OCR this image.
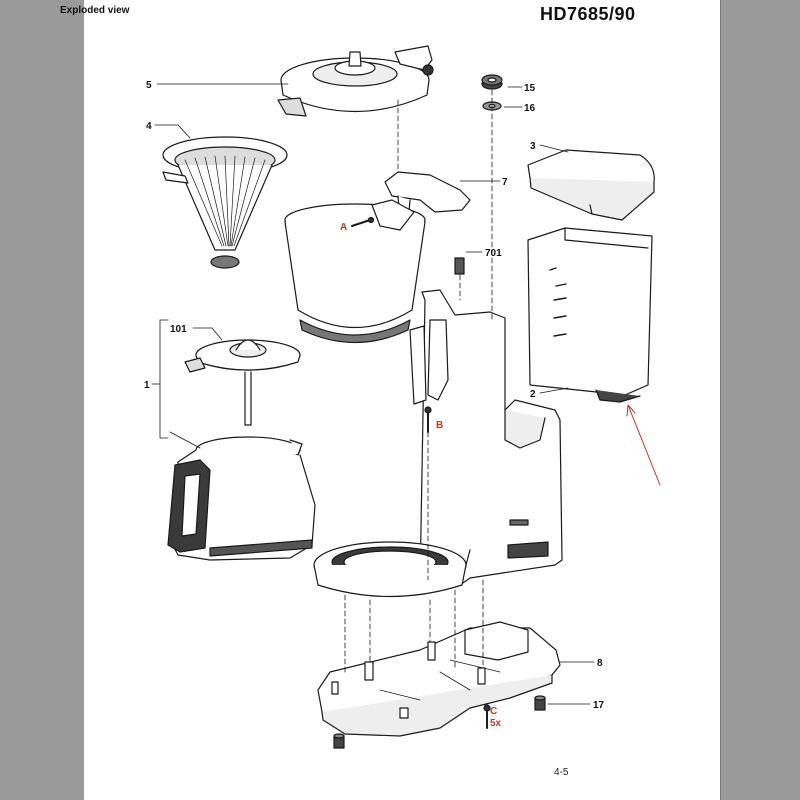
Exploded view	HD7685/90
4-5
5
4
15
16
3
7
701
101
1
2
8
17
A
B
C
5x
